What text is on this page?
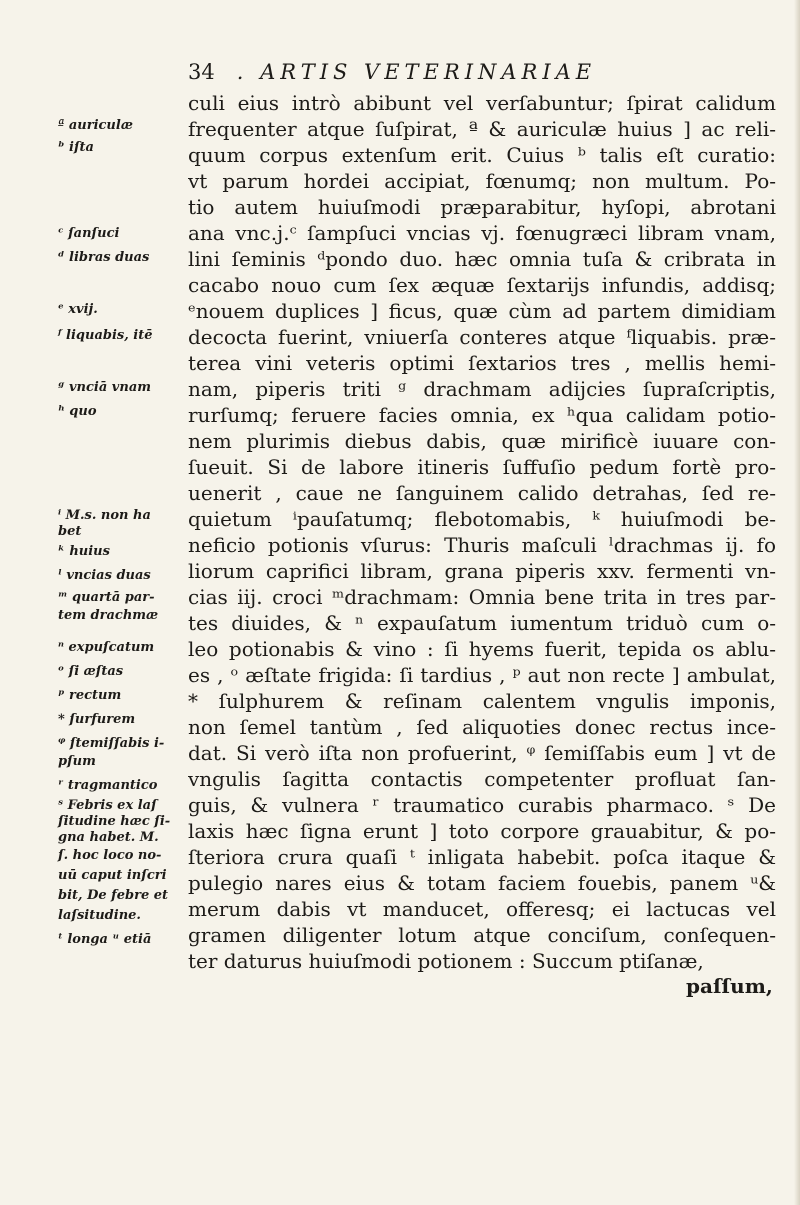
34 . ARTIS VETERINARIAE
culi eius intrò abibunt vel verſabuntur; ſpirat calidum
frequenter atque ſuſpirat, ª & auriculæ huius ] ac reli-
quum corpus extenſum erit. Cuius ᵇ talis eſt curatio:
vt parum hordei accipiat, fœnumq; non multum. Po-
tio autem huiuſmodi præparabitur, hyſopi, abrotani
ana vnc.j.ᶜ ſampſuci vncias vj. fœnugræci libram vnam,
lini ſeminis ᵈpondo duo. hæc omnia tuſa & cribrata in
cacabo nouo cum ſex æquæ ſextarijs infundis, addisq;
ᵉnouem duplices ] ficus, quæ cùm ad partem dimidiam
decocta fuerint, vniuerſa conteres atque ᶠliquabis. præ-
terea vini veteris optimi ſextarios tres , mellis hemi-
nam, piperis triti ᵍ drachmam adijcies ſupraſcriptis,
rurſumq; feruere facies omnia, ex ʰqua calidam potio-
nem plurimis diebus dabis, quæ mirificè iuuare con-
ſueuit. Si de labore itineris ſuffuſio pedum fortè pro-
uenerit , caue ne ſanguinem calido detrahas, ſed re-
quietum ⁱpauſatumq; flebotomabis, ᵏ huiuſmodi be-
neficio potionis vſurus: Thuris maſculi ˡdrachmas ij. fo
liorum caprifici libram, grana piperis xxv. fermenti vn-
cias iij. croci ᵐdrachmam: Omnia bene trita in tres par-
tes diuides, & ⁿ expauſatum iumentum triduò cum o-
leo potionabis & vino : ſi hyems fuerit, tepida os ablu-
es , ᵒ æſtate frigida: ſi tardius , ᵖ aut non recte ] ambulat,
* ſulphurem & reſinam calentem vngulis imponis,
non ſemel tantùm , ſed aliquoties donec rectus ince-
dat. Si verò iſta non profuerint, ᵠ ſemiſſabis eum ] vt de
vngulis ſagitta contactis competenter profluat ſan-
guis, & vulnera ʳ traumatico curabis pharmaco. ˢ De
laxis hæc ſigna erunt ] toto corpore grauabitur, & po-
ſteriora crura quaſi ᵗ inligata habebit. poſca itaque &
pulegio nares eius & totam faciem fouebis, panem ᵘ&
merum dabis vt manducet, offeresq; ei lactucas vel
gramen diligenter lotum atque conciſum, conſequen-
ter daturus huiuſmodi potionem : Succum ptiſanæ,
ª auriculæ
ᵇ iſta
ᶜ ſanſuci
ᵈ libras duas
ᵉ xvij.
ᶠ liquabis, itē
ᵍ vnciā vnam
ʰ quo
ⁱ M.s. non ha
bet
ᵏ huius
ˡ vncias duas
ᵐ quartā par-
tem drachmæ
ⁿ expuſcatum
ᵒ ſi æſtas
ᵖ rectum
* ſurfurem
ᵠ ſtemiſſabis i-
pſum
ʳ tragmantico
ˢ Febris ex laſ
ſitudine hæc ſi-
gna habet. M.
ſ. hoc loco no-
uū caput inſcri
bit, De febre et
laſsitudine.
ᵗ longa ᵘ etiā
paſſum,
